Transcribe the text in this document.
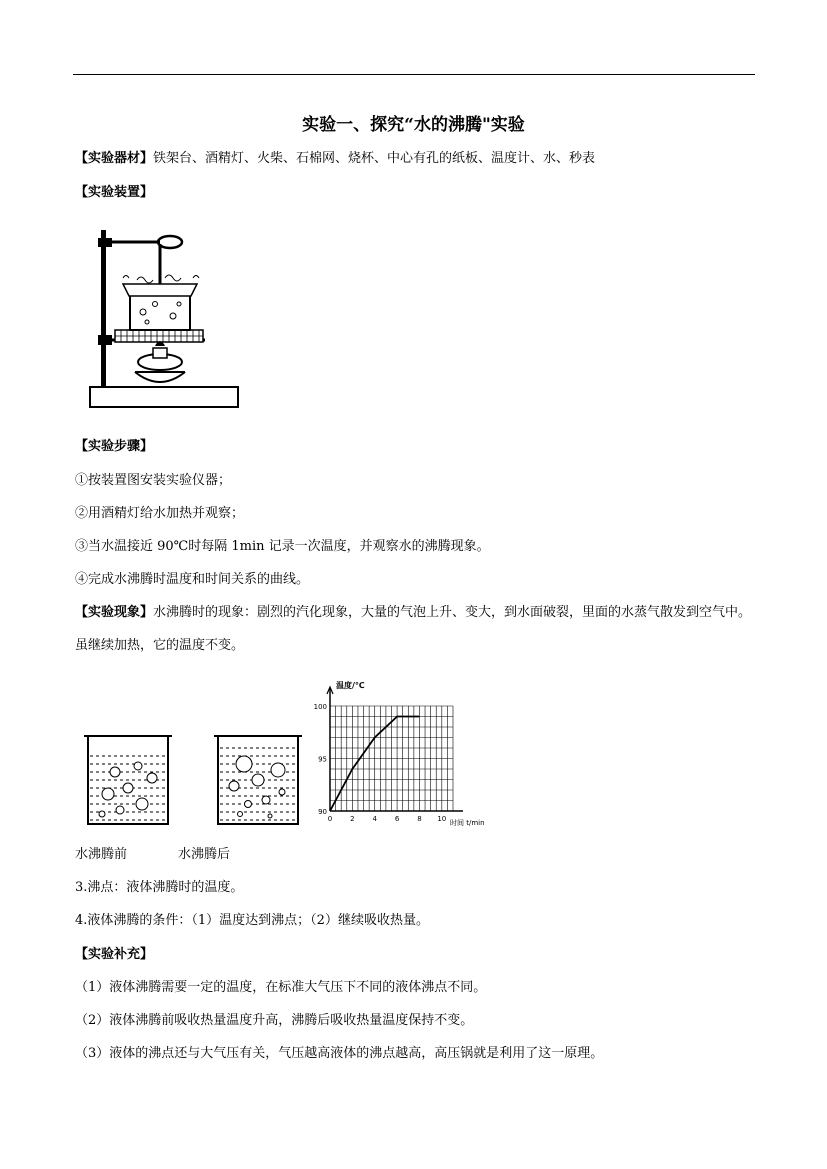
实验一、探究“水的沸腾"实验
【实验器材】铁架台、酒精灯、火柴、石棉网、烧杯、中心有孔的纸板、温度计、水、秒表
【实验装置】
【实验步骤】
①按装置图安装实验仪器；
②用酒精灯给水加热并观察；
③当水温接近 90℃时每隔 1min 记录一次温度，并观察水的沸腾现象。
④完成水沸腾时温度和时间关系的曲线。
【实验现象】水沸腾时的现象：剧烈的汽化现象，大量的气泡上升、变大，到水面破裂，里面的水蒸气散发到空气中。虽继续加热，它的温度不变。
0	2	4	6	8 10
90
95
100
温度/℃
时间 t/min
水沸腾前	水沸腾后
3.沸点：液体沸腾时的温度。
4.液体沸腾的条件：（1）温度达到沸点；（2）继续吸收热量。
【实验补充】
（1）液体沸腾需要一定的温度，在标准大气压下不同的液体沸点不同。
（2）液体沸腾前吸收热量温度升高，沸腾后吸收热量温度保持不变。
（3）液体的沸点还与大气压有关，气压越高液体的沸点越高，高压锅就是利用了这一原理。
